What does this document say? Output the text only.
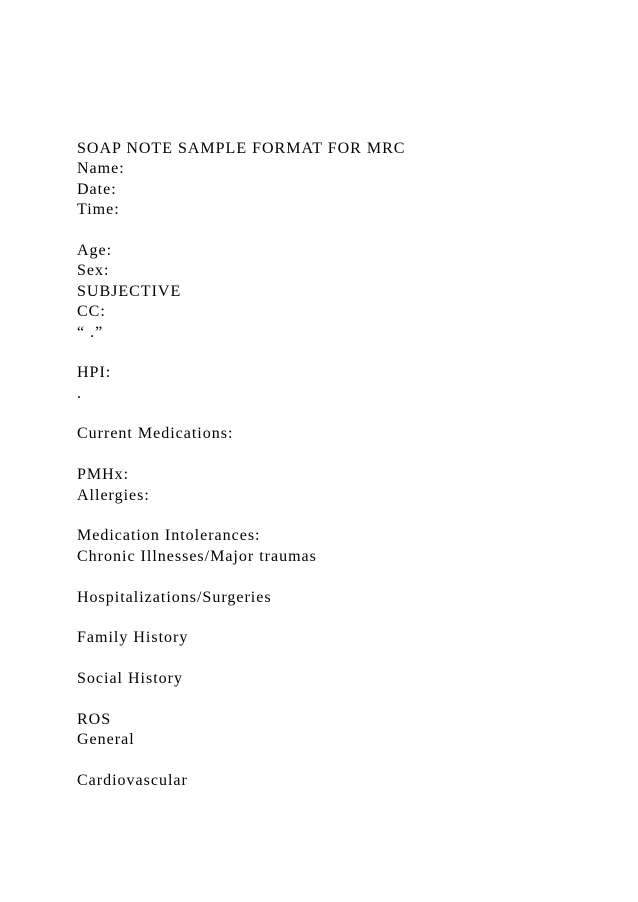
SOAP NOTE SAMPLE FORMAT FOR MRC
Name:
Date:
Time:
Age:
Sex:
SUBJECTIVE
CC:
“ .”
HPI:
.
Current Medications:
PMHx:
Allergies:
Medication Intolerances:
Chronic Illnesses/Major traumas
Hospitalizations/Surgeries
Family History
Social History
ROS
General
Cardiovascular
